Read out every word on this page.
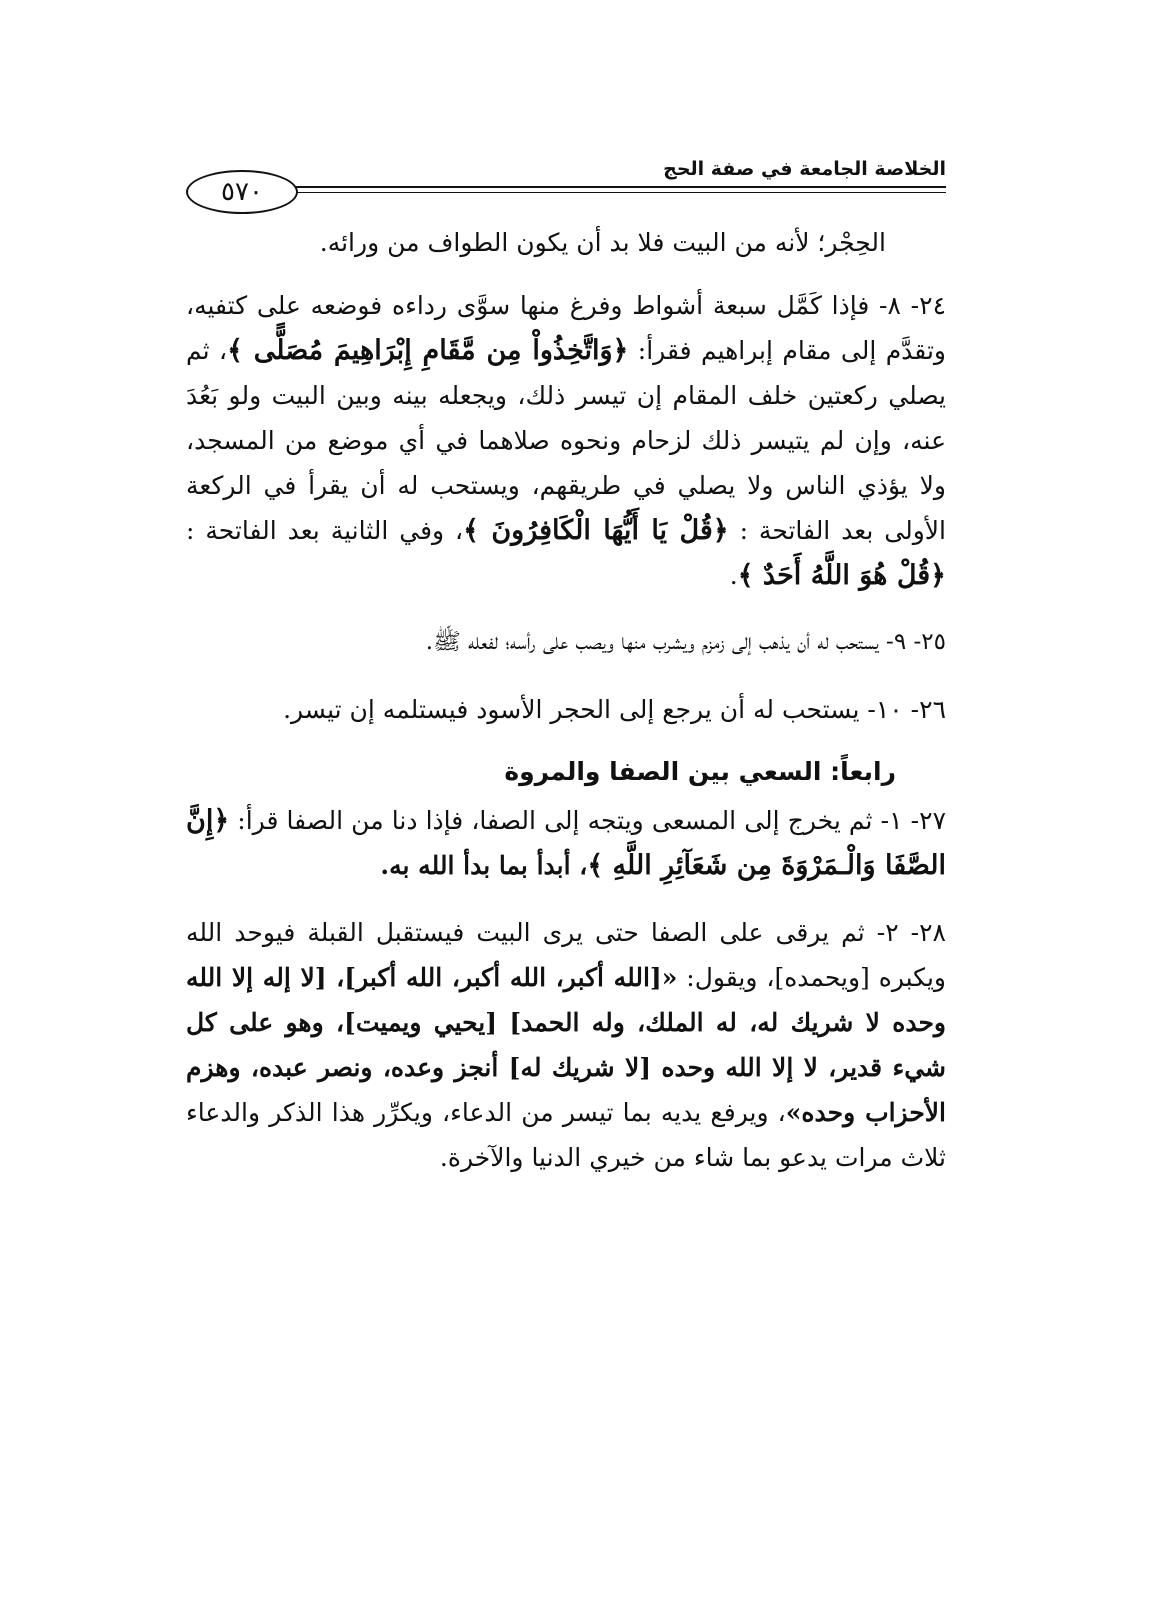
٥٧٠
الخلاصة الجامعة في صفة الحج

الحِجْر؛ لأنه من البيت فلا بد أن يكون الطواف من ورائه.

٢٤- ٨- فإذا كَمَّل سبعة أشواط وفرغ منها سوَّى رداءه فوضعه على كتفيه، وتقدَّم إلى مقام إبراهيم فقرأ: ﴿وَاتَّخِذُواْ مِن مَّقَامِ إِبْرَاهِيمَ مُصَلًّى ﴾، ثم يصلي ركعتين خلف المقام إن تيسر ذلك، ويجعله بينه وبين البيت ولو بَعُدَ عنه، وإن لم يتيسر ذلك لزحام ونحوه صلاهما في أي موضع من المسجد، ولا يؤذي الناس ولا يصلي في طريقهم، ويستحب له أن يقرأ في الركعة الأولى بعد الفاتحة : ﴿قُلْ يَا أَيُّهَا الْكَافِرُونَ ﴾، وفي الثانية بعد الفاتحة : ﴿قُلْ هُوَ اللَّهُ أَحَدٌ ﴾.

٢٥- ٩- يستحب له أن يذهب إلى زمزم ويشرب منها ويصب على رأسه؛ لفعله ﷺ.

٢٦- ١٠- يستحب له أن يرجع إلى الحجر الأسود فيستلمه إن تيسر.

رابعاً: السعي بين الصفا والمروة

٢٧- ١- ثم يخرج إلى المسعى ويتجه إلى الصفا، فإذا دنا من الصفا قرأ: ﴿إِنَّ الصَّفَا وَالْـمَرْوَةَ مِن شَعَآئِرِ اللَّهِ ﴾، أبدأ بما بدأ الله به.

٢٨- ٢- ثم يرقى على الصفا حتى يرى البيت فيستقبل القبلة فيوحد الله ويكبره [ويحمده]، ويقول: «[الله أكبر، الله أكبر، الله أكبر]، [لا إله إلا الله وحده لا شريك له، له الملك، وله الحمد] [يحيي ويميت]، وهو على كل شيء قدير، لا إلا الله وحده [لا شريك له] أنجز وعده، ونصر عبده، وهزم الأحزاب وحده»، ويرفع يديه بما تيسر من الدعاء، ويكرِّر هذا الذكر والدعاء ثلاث مرات يدعو بما شاء من خيري الدنيا والآخرة.
